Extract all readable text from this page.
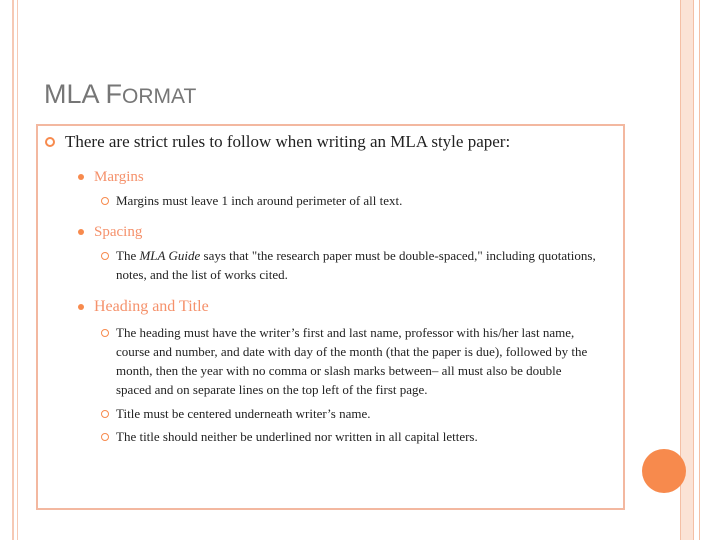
MLA FORMAT

There are strict rules to follow when writing an MLA style paper:

Margins

Margins must leave 1 inch around perimeter of all text.

Spacing

The MLA Guide says that "the research paper must be double-spaced," including quotations, notes, and the list of works cited.

Heading and Title

The heading must have the writer’s first and last name, professor with his/her last name, course and number, and date with day of the month (that the paper is due), followed by the month, then the year with no comma or slash marks between– all must also be double spaced and on separate lines on the top left of the first page.

Title must be centered underneath writer’s name.

The title should neither be underlined nor written in all capital letters.
